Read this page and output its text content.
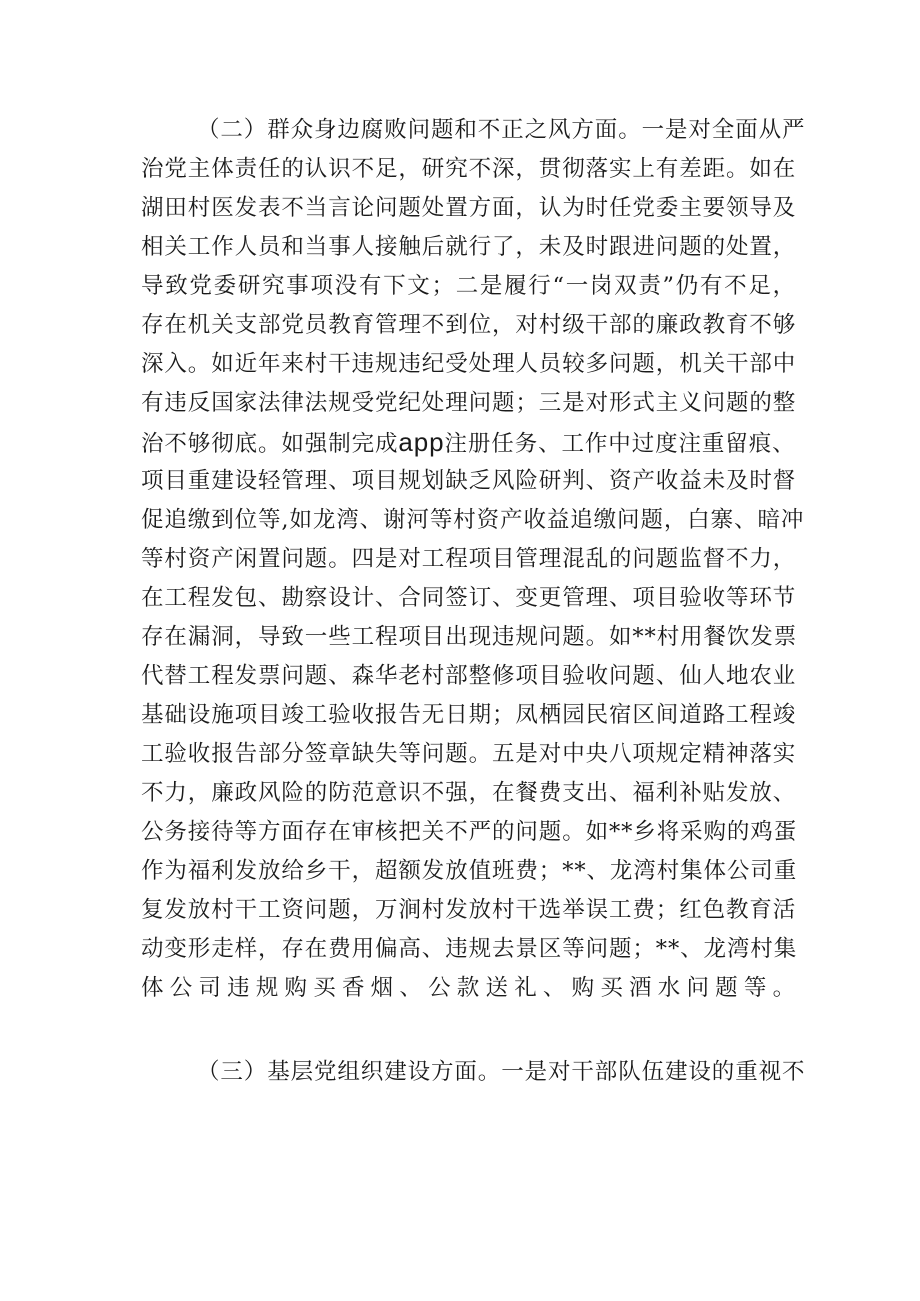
（二）群众身边腐败问题和不正之风方面。一是对全面从严
治党主体责任的认识不足，研究不深，贯彻落实上有差距。如在
湖田村医发表不当言论问题处置方面，认为时任党委主要领导及
相关工作人员和当事人接触后就行了，未及时跟进问题的处置，
导致党委研究事项没有下文；二是履行“一岗双责”仍有不足，
存在机关支部党员教育管理不到位，对村级干部的廉政教育不够
深入。如近年来村干违规违纪受处理人员较多问题，机关干部中
有违反国家法律法规受党纪处理问题；三是对形式主义问题的整
治不够彻底。如强制完成app注册任务、工作中过度注重留痕、
项目重建设轻管理、项目规划缺乏风险研判、资产收益未及时督
促追缴到位等,如龙湾、谢河等村资产收益追缴问题，白寨、暗冲
等村资产闲置问题。四是对工程项目管理混乱的问题监督不力，
在工程发包、勘察设计、合同签订、变更管理、项目验收等环节
存在漏洞，导致一些工程项目出现违规问题。如**村用餐饮发票
代替工程发票问题、森华老村部整修项目验收问题、仙人地农业
基础设施项目竣工验收报告无日期；凤栖园民宿区间道路工程竣
工验收报告部分签章缺失等问题。五是对中央八项规定精神落实
不力，廉政风险的防范意识不强，在餐费支出、福利补贴发放、
公务接待等方面存在审核把关不严的问题。如**乡将采购的鸡蛋
作为福利发放给乡干，超额发放值班费；**、龙湾村集体公司重
复发放村干工资问题，万涧村发放村干选举误工费；红色教育活
动变形走样，存在费用偏高、违规去景区等问题；**、龙湾村集
体公司违规购买香烟、公款送礼、购买酒水问题等。
（三）基层党组织建设方面。一是对干部队伍建设的重视不
